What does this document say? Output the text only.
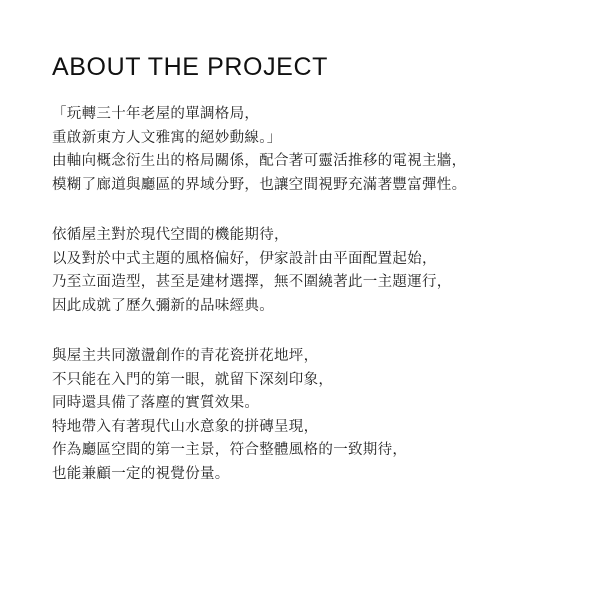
ABOUT THE PROJECT
「玩轉三十年老屋的單調格局，
重啟新東方人文雅寓的絕妙動線。」
由軸向概念衍生出的格局關係，配合著可靈活推移的電視主牆，
模糊了廊道與廳區的界域分野，也讓空間視野充滿著豐富彈性。
依循屋主對於現代空間的機能期待，
以及對於中式主題的風格偏好，伊家設計由平面配置起始，
乃至立面造型，甚至是建材選擇，無不圍繞著此一主題運行，
因此成就了歷久彌新的品味經典。
與屋主共同激盪創作的青花瓷拼花地坪，
不只能在入門的第一眼，就留下深刻印象，
同時還具備了落塵的實質效果。
特地帶入有著現代山水意象的拼磚呈現，
作為廳區空間的第一主景，符合整體風格的一致期待，
也能兼顧一定的視覺份量。
